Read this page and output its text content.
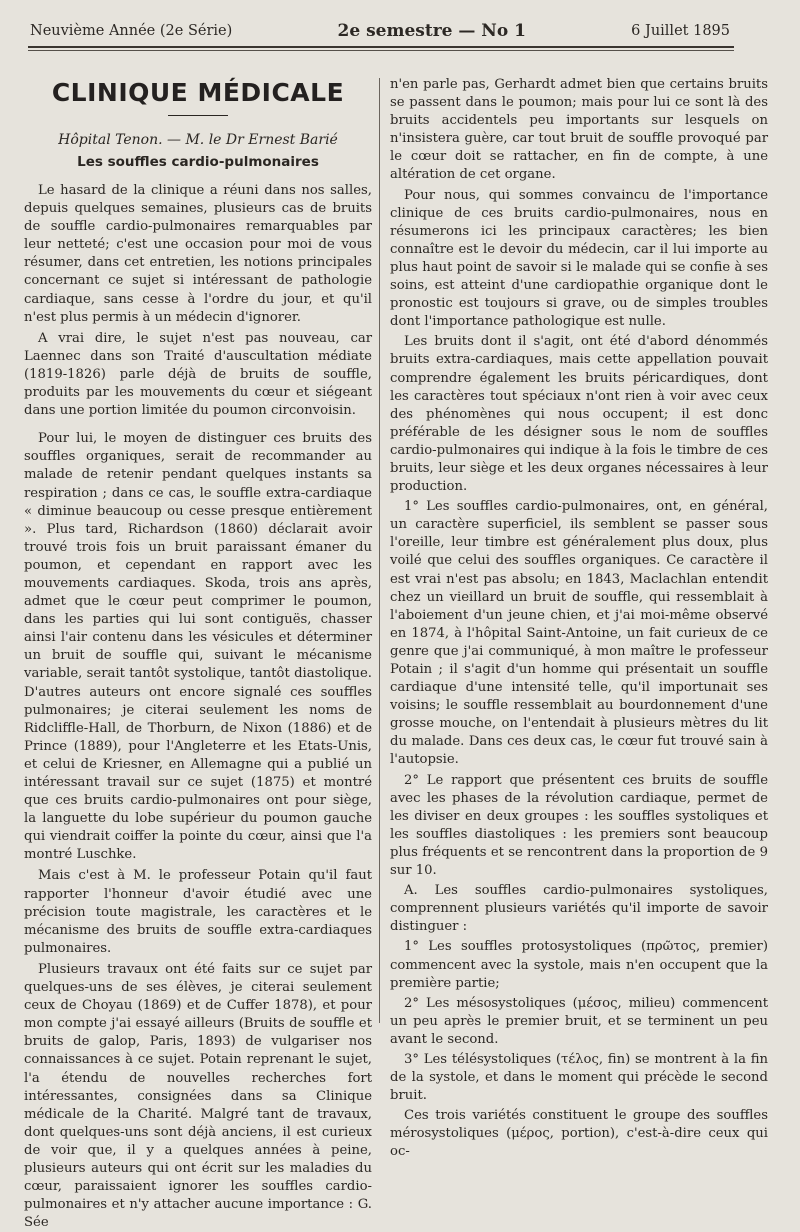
Neuvième Année (2e Série)	2e semestre — No 1	6 Juillet 1895
CLINIQUE MÉDICALE
Hôpital Tenon. — M. le Dr Ernest Barié
Les souffles cardio-pulmonaires

Le hasard de la clinique a réuni dans nos salles, depuis quelques semaines, plusieurs cas de bruits de souffle cardio-pulmonaires remarquables par leur netteté; c'est une occasion pour moi de vous résumer, dans cet entretien, les notions principales concernant ce sujet si intéressant de pathologie cardiaque, sans cesse à l'ordre du jour, et qu'il n'est plus permis à un médecin d'ignorer.

A vrai dire, le sujet n'est pas nouveau, car Laennec dans son Traité d'auscultation médiate (1819-1826) parle déjà de bruits de souffle, produits par les mouvements du cœur et siégeant dans une portion limitée du poumon circonvoisin.

Pour lui, le moyen de distinguer ces bruits des souffles organiques, serait de recommander au malade de retenir pendant quelques instants sa respiration ; dans ce cas, le souffle extra-cardiaque « diminue beaucoup ou cesse presque entièrement ». Plus tard, Richardson (1860) déclarait avoir trouvé trois fois un bruit paraissant émaner du poumon, et cependant en rapport avec les mouvements cardiaques. Skoda, trois ans après, admet que le cœur peut comprimer le poumon, dans les parties qui lui sont contiguës, chasser ainsi l'air contenu dans les vésicules et déterminer un bruit de souffle qui, suivant le mécanisme variable, serait tantôt systolique, tantôt diastolique. D'autres auteurs ont encore signalé ces souffles pulmonaires; je citerai seulement les noms de Ridcliffle-Hall, de Thorburn, de Nixon (1886) et de Prince (1889), pour l'Angleterre et les Etats-Unis, et celui de Kriesner, en Allemagne qui a publié un intéressant travail sur ce sujet (1875) et montré que ces bruits cardio-pulmonaires ont pour siège, la languette du lobe supérieur du poumon gauche qui viendrait coiffer la pointe du cœur, ainsi que l'a montré Luschke.

Mais c'est à M. le professeur Potain qu'il faut rapporter l'honneur d'avoir étudié avec une précision toute magistrale, les caractères et le mécanisme des bruits de souffle extra-cardiaques pulmonaires.

Plusieurs travaux ont été faits sur ce sujet par quelques-uns de ses élèves, je citerai seulement ceux de Choyau (1869) et de Cuffer 1878), et pour mon compte j'ai essayé ailleurs (Bruits de souffle et bruits de galop, Paris, 1893) de vulgariser nos connaissances à ce sujet. Potain reprenant le sujet, l'a étendu de nouvelles recherches fort intéressantes, consignées dans sa Clinique médicale de la Charité. Malgré tant de travaux, dont quelques-uns sont déjà anciens, il est curieux de voir que, il y a quelques années à peine, plusieurs auteurs qui ont écrit sur les maladies du cœur, paraissaient ignorer les souffles cardio-pulmonaires et n'y attacher aucune importance : G. Sée

n'en parle pas, Gerhardt admet bien que certains bruits se passent dans le poumon; mais pour lui ce sont là des bruits accidentels peu importants sur lesquels on n'insistera guère, car tout bruit de souffle provoqué par le cœur doit se rattacher, en fin de compte, à une altération de cet organe.

Pour nous, qui sommes convaincu de l'importance clinique de ces bruits cardio-pulmonaires, nous en résumerons ici les principaux caractères; les bien connaître est le devoir du médecin, car il lui importe au plus haut point de savoir si le malade qui se confie à ses soins, est atteint d'une cardiopathie organique dont le pronostic est toujours si grave, ou de simples troubles dont l'importance pathologique est nulle.

Les bruits dont il s'agit, ont été d'abord dénommés bruits extra-cardiaques, mais cette appellation pouvait comprendre également les bruits péricardiques, dont les caractères tout spéciaux n'ont rien à voir avec ceux des phénomènes qui nous occupent; il est donc préférable de les désigner sous le nom de souffles cardio-pulmonaires qui indique à la fois le timbre de ces bruits, leur siège et les deux organes nécessaires à leur production.

1° Les souffles cardio-pulmonaires, ont, en général, un caractère superficiel, ils semblent se passer sous l'oreille, leur timbre est généralement plus doux, plus voilé que celui des souffles organiques. Ce caractère il est vrai n'est pas absolu; en 1843, Maclachlan entendit chez un vieillard un bruit de souffle, qui ressemblait à l'aboiement d'un jeune chien, et j'ai moi-même observé en 1874, à l'hôpital Saint-Antoine, un fait curieux de ce genre que j'ai communiqué, à mon maître le professeur Potain ; il s'agit d'un homme qui présentait un souffle cardiaque d'une intensité telle, qu'il importunait ses voisins; le souffle ressemblait au bourdonnement d'une grosse mouche, on l'entendait à plusieurs mètres du lit du malade. Dans ces deux cas, le cœur fut trouvé sain à l'autopsie.

2° Le rapport que présentent ces bruits de souffle avec les phases de la révolution cardiaque, permet de les diviser en deux groupes : les souffles systoliques et les souffles diastoliques : les premiers sont beaucoup plus fréquents et se rencontrent dans la proportion de 9 sur 10.

A. Les souffles cardio-pulmonaires systoliques, comprennent plusieurs variétés qu'il importe de savoir distinguer :

1° Les souffles protosystoliques (πρῶτος, premier) commencent avec la systole, mais n'en occupent que la première partie;

2° Les mésosystoliques (μέσος, milieu) commencent un peu après le premier bruit, et se terminent un peu avant le second.

3° Les télésystoliques (τέλος, fin) se montrent à la fin de la systole, et dans le moment qui précède le second bruit.

Ces trois variétés constituent le groupe des souffles mérosystoliques (μέρος, portion), c'est-à-dire ceux qui oc-
